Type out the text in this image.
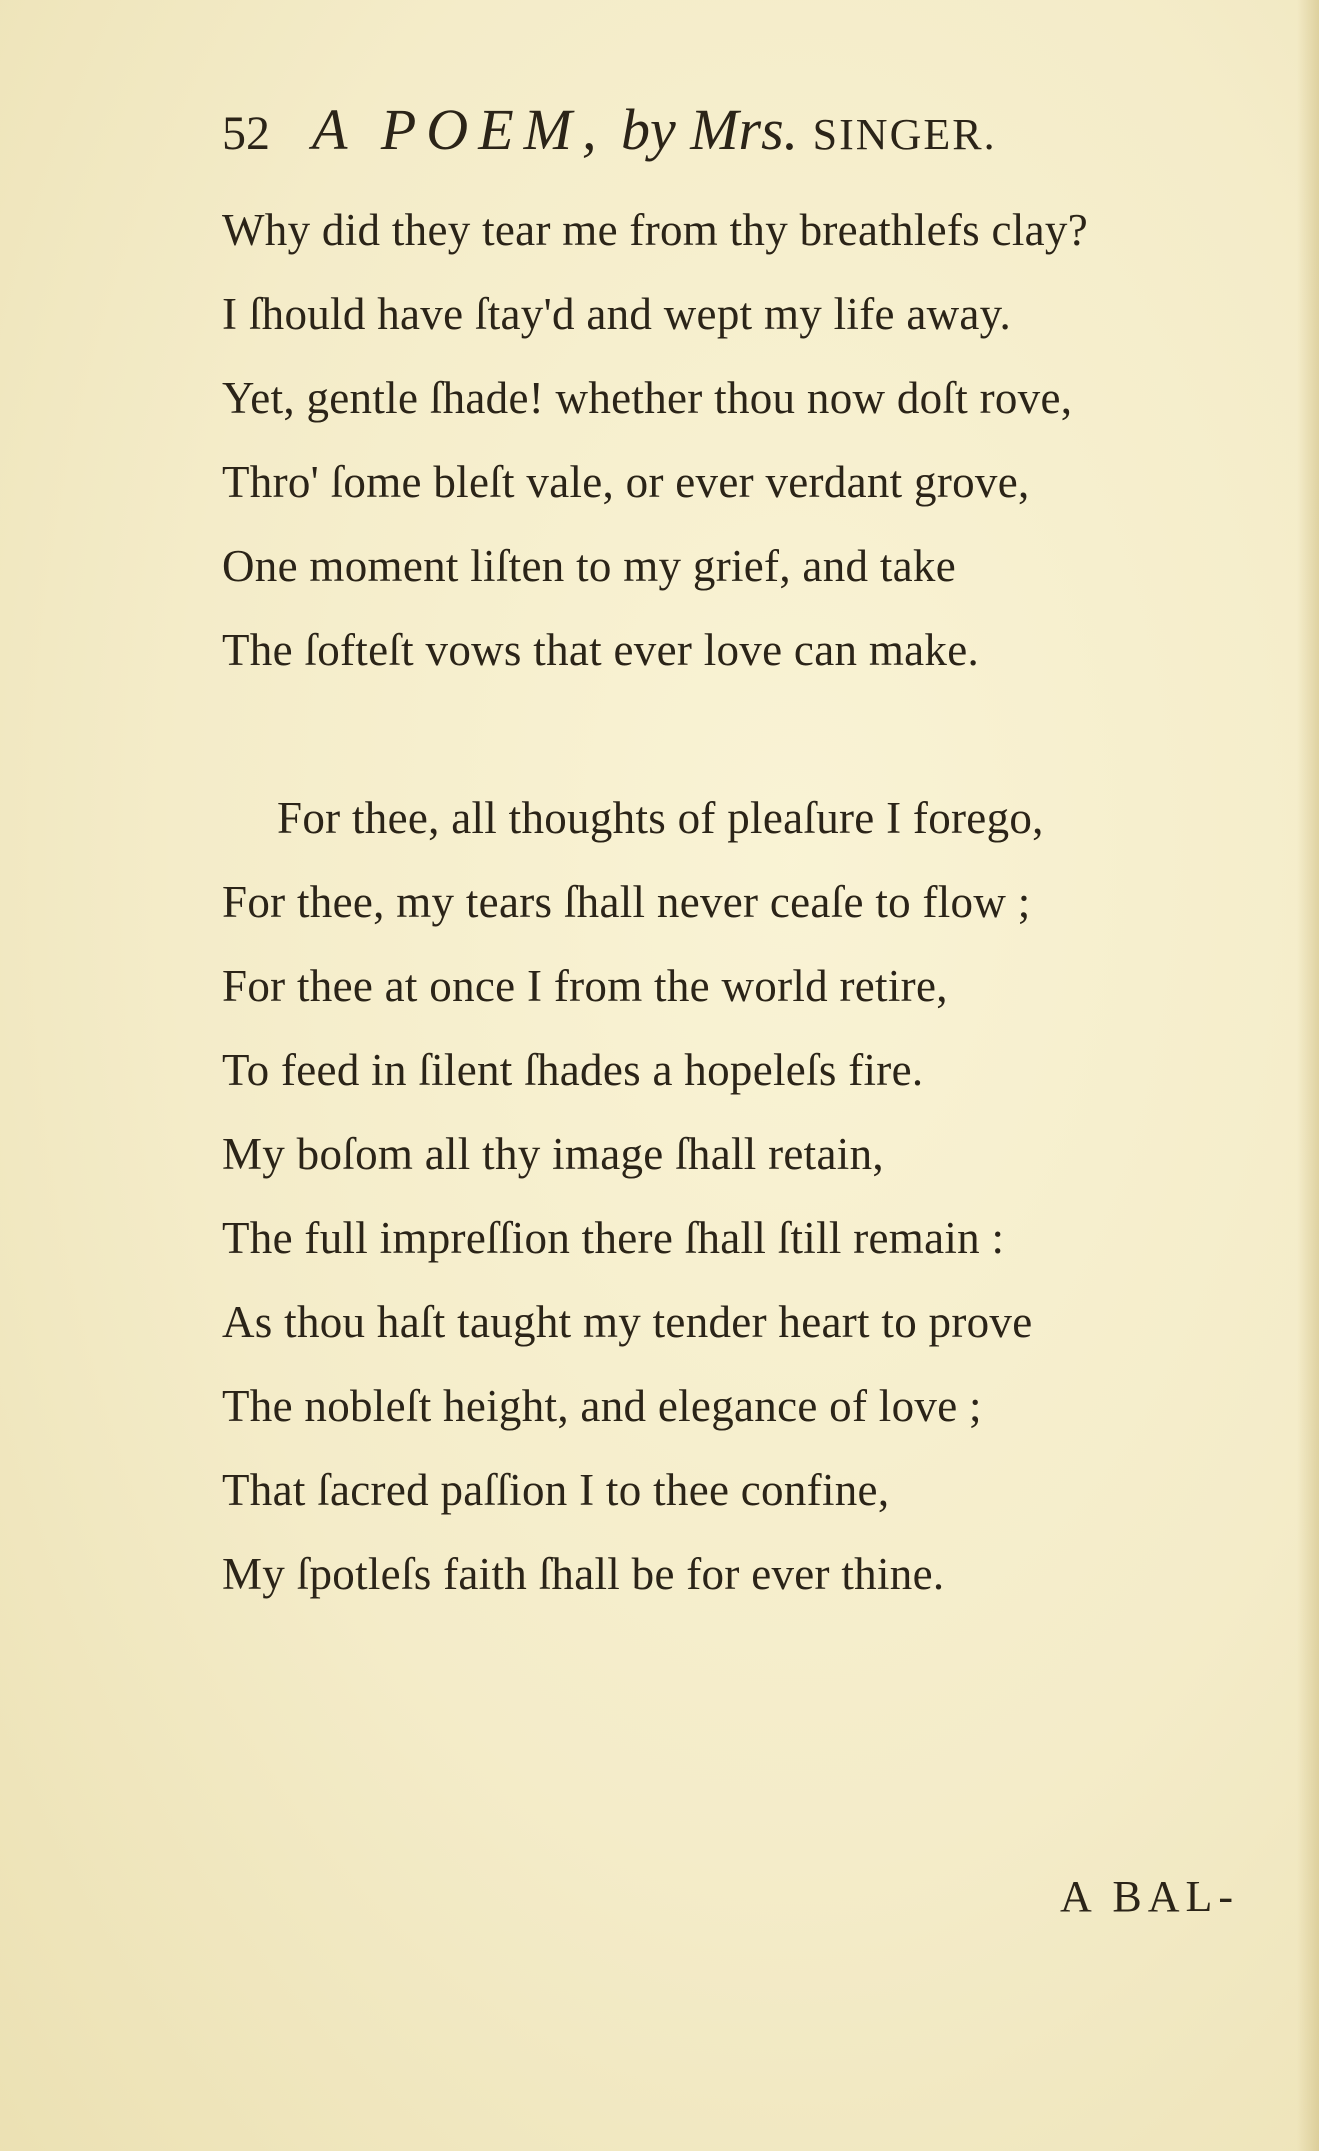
52 A POEM, by Mrs. SINGER.
Why did they tear me from thy breathlefs clay?
I ſhould have ſtay'd and wept my life away.
Yet, gentle ſhade! whether thou now doſt rove,
Thro' ſome bleſt vale, or ever verdant grove,
One moment liſten to my grief, and take
The ſofteſt vows that ever love can make.
For thee, all thoughts of pleaſure I forego,
For thee, my tears ſhall never ceaſe to flow ;
For thee at once I from the world retire,
To feed in ſilent ſhades a hopeleſs fire.
My boſom all thy image ſhall retain,
The full impreſſion there ſhall ſtill remain :
As thou haſt taught my tender heart to prove
The nobleſt height, and elegance of love ;
That ſacred paſſion I to thee confine,
My ſpotleſs faith ſhall be for ever thine.
A BAL-
